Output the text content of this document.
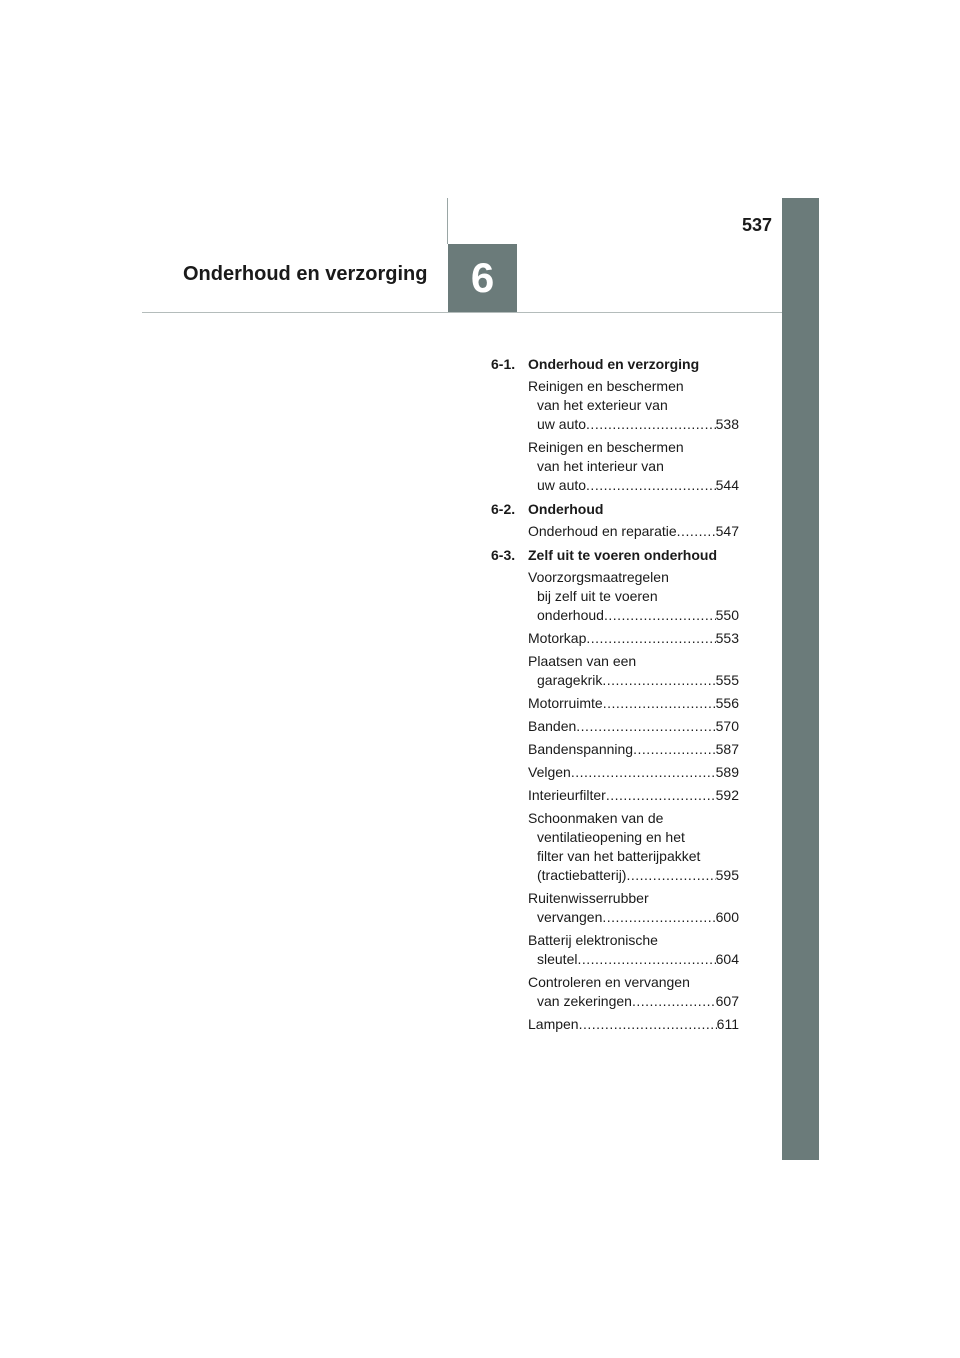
537
Onderhoud en verzorging 6
6-1. Onderhoud en verzorging
Reinigen en beschermen
van het exterieur van
uw auto .....	538
Reinigen en beschermen
van het interieur van
uw auto .....	544
6-2. Onderhoud
Onderhoud en reparatie .....	547
6-3. Zelf uit te voeren onderhoud
Voorzorgsmaatregelen
bij zelf uit te voeren
onderhoud .....	550
Motorkap .....	553
Plaatsen van een
garagekrik .....	555
Motorruimte .....	556
Banden .....	570
Bandenspanning .....	587
Velgen .....	589
Interieurfilter .....	592
Schoonmaken van de
ventilatieopening en het
filter van het batterijpakket
(tractiebatterij) .....	595
Ruitenwisserrubber
vervangen .....	600
Batterij elektronische
sleutel .....	604
Controleren en vervangen
van zekeringen .....	607
Lampen .....	611
